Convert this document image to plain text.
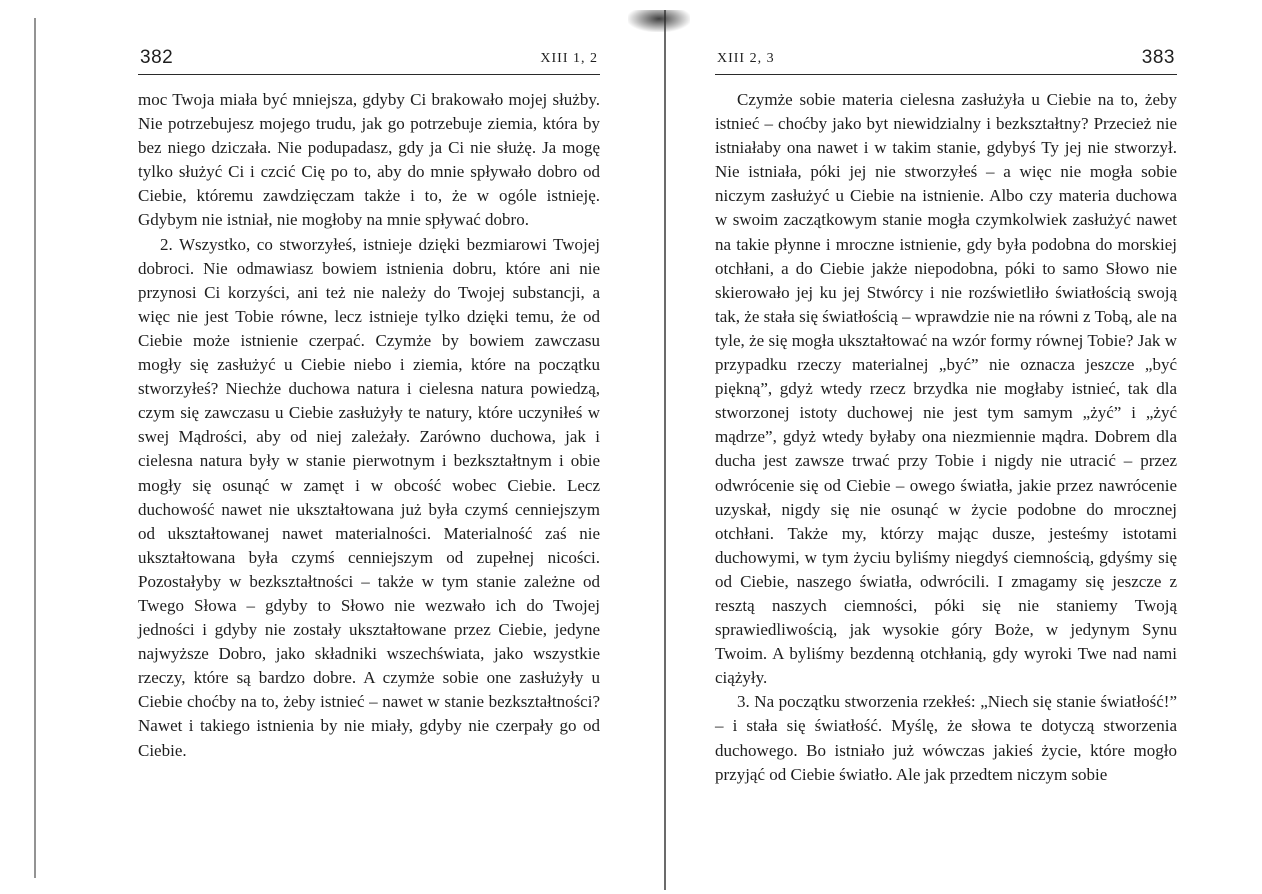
382	XIII 1, 2

moc Twoja miała być mniejsza, gdyby Ci brakowało mojej służby. Nie potrzebujesz mojego trudu, jak go potrzebuje ziemia, która by bez niego dziczała. Nie podupadasz, gdy ja Ci nie służę. Ja mogę tylko służyć Ci i czcić Cię po to, aby do mnie spływało dobro od Ciebie, któremu zawdzięczam także i to, że w ogóle istnieję. Gdybym nie istniał, nie mogłoby na mnie spływać dobro.

2. Wszystko, co stworzyłeś, istnieje dzięki bezmiarowi Twojej dobroci. Nie odmawiasz bowiem istnienia dobru, które ani nie przynosi Ci korzyści, ani też nie należy do Twojej substancji, a więc nie jest Tobie równe, lecz istnieje tylko dzięki temu, że od Ciebie może istnienie czerpać. Czymże by bowiem zawczasu mogły się zasłużyć u Ciebie niebo i ziemia, które na początku stworzyłeś? Niechże duchowa natura i cielesna natura powiedzą, czym się zawczasu u Ciebie zasłużyły te natury, które uczyniłeś w swej Mądrości, aby od niej zależały. Zarówno duchowa, jak i cielesna natura były w stanie pierwotnym i bezkształtnym i obie mogły się osunąć w zamęt i w obcość wobec Ciebie. Lecz duchowość nawet nie ukształtowana już była czymś cenniejszym od ukształtowanej nawet materialności. Materialność zaś nie ukształtowana była czymś cenniejszym od zupełnej nicości. Pozostałyby w bezkształtności – także w tym stanie zależne od Twego Słowa – gdyby to Słowo nie wezwało ich do Twojej jedności i gdyby nie zostały ukształtowane przez Ciebie, jedyne najwyższe Dobro, jako składniki wszechświata, jako wszystkie rzeczy, które są bardzo dobre. A czymże sobie one zasłużyły u Ciebie choćby na to, żeby istnieć – nawet w stanie bezkształtności? Nawet i takiego istnienia by nie miały, gdyby nie czerpały go od Ciebie.

XIII 2, 3	383

Czymże sobie materia cielesna zasłużyła u Ciebie na to, żeby istnieć – choćby jako byt niewidzialny i bezkształtny? Przecież nie istniałaby ona nawet i w takim stanie, gdybyś Ty jej nie stworzył. Nie istniała, póki jej nie stworzyłeś – a więc nie mogła sobie niczym zasłużyć u Ciebie na istnienie. Albo czy materia duchowa w swoim zaczątkowym stanie mogła czymkolwiek zasłużyć nawet na takie płynne i mroczne istnienie, gdy była podobna do morskiej otchłani, a do Ciebie jakże niepodobna, póki to samo Słowo nie skierowało jej ku jej Stwórcy i nie rozświetliło światłością swoją tak, że stała się światłością – wprawdzie nie na równi z Tobą, ale na tyle, że się mogła ukształtować na wzór formy równej Tobie? Jak w przypadku rzeczy materialnej „być” nie oznacza jeszcze „być piękną”, gdyż wtedy rzecz brzydka nie mogłaby istnieć, tak dla stworzonej istoty duchowej nie jest tym samym „żyć” i „żyć mądrze”, gdyż wtedy byłaby ona niezmiennie mądra. Dobrem dla ducha jest zawsze trwać przy Tobie i nigdy nie utracić – przez odwrócenie się od Ciebie – owego światła, jakie przez nawrócenie uzyskał, nigdy się nie osunąć w życie podobne do mrocznej otchłani. Także my, którzy mając dusze, jesteśmy istotami duchowymi, w tym życiu byliśmy niegdyś ciemnością, gdyśmy się od Ciebie, naszego światła, odwrócili. I zmagamy się jeszcze z resztą naszych ciemności, póki się nie staniemy Twoją sprawiedliwością, jak wysokie góry Boże, w jedynym Synu Twoim. A byliśmy bezdenną otchłanią, gdy wyroki Twe nad nami ciążyły.

3. Na początku stworzenia rzekłeś: „Niech się stanie światłość!” – i stała się światłość. Myślę, że słowa te dotyczą stworzenia duchowego. Bo istniało już wówczas jakieś życie, które mogło przyjąć od Ciebie światło. Ale jak przedtem niczym sobie
